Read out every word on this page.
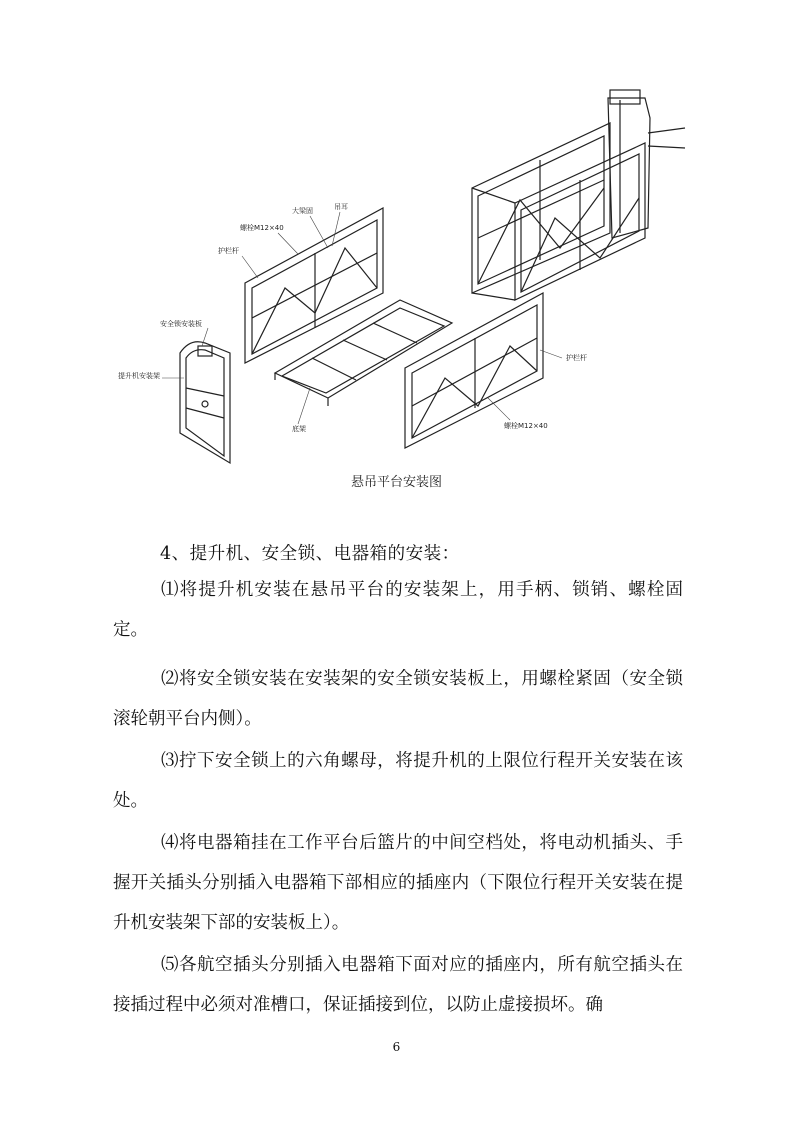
大梁固	吊耳
螺栓M12×40
护栏杆
安全锁安装板
提升机安装架
底架
护栏杆
螺栓M12×40
悬吊平台安装图
4、提升机、安全锁、电器箱的安装：

⑴将提升机安装在悬吊平台的安装架上，用手柄、锁销、螺栓固定。

⑵将安全锁安装在安装架的安全锁安装板上，用螺栓紧固（安全锁滚轮朝平台内侧）。

⑶拧下安全锁上的六角螺母，将提升机的上限位行程开关安装在该处。

⑷将电器箱挂在工作平台后篮片的中间空档处，将电动机插头、手握开关插头分别插入电器箱下部相应的插座内（下限位行程开关安装在提升机安装架下部的安装板上）。

⑸各航空插头分别插入电器箱下面对应的插座内，所有航空插头在接插过程中必须对准槽口，保证插接到位，以防止虚接损坏。确

6
